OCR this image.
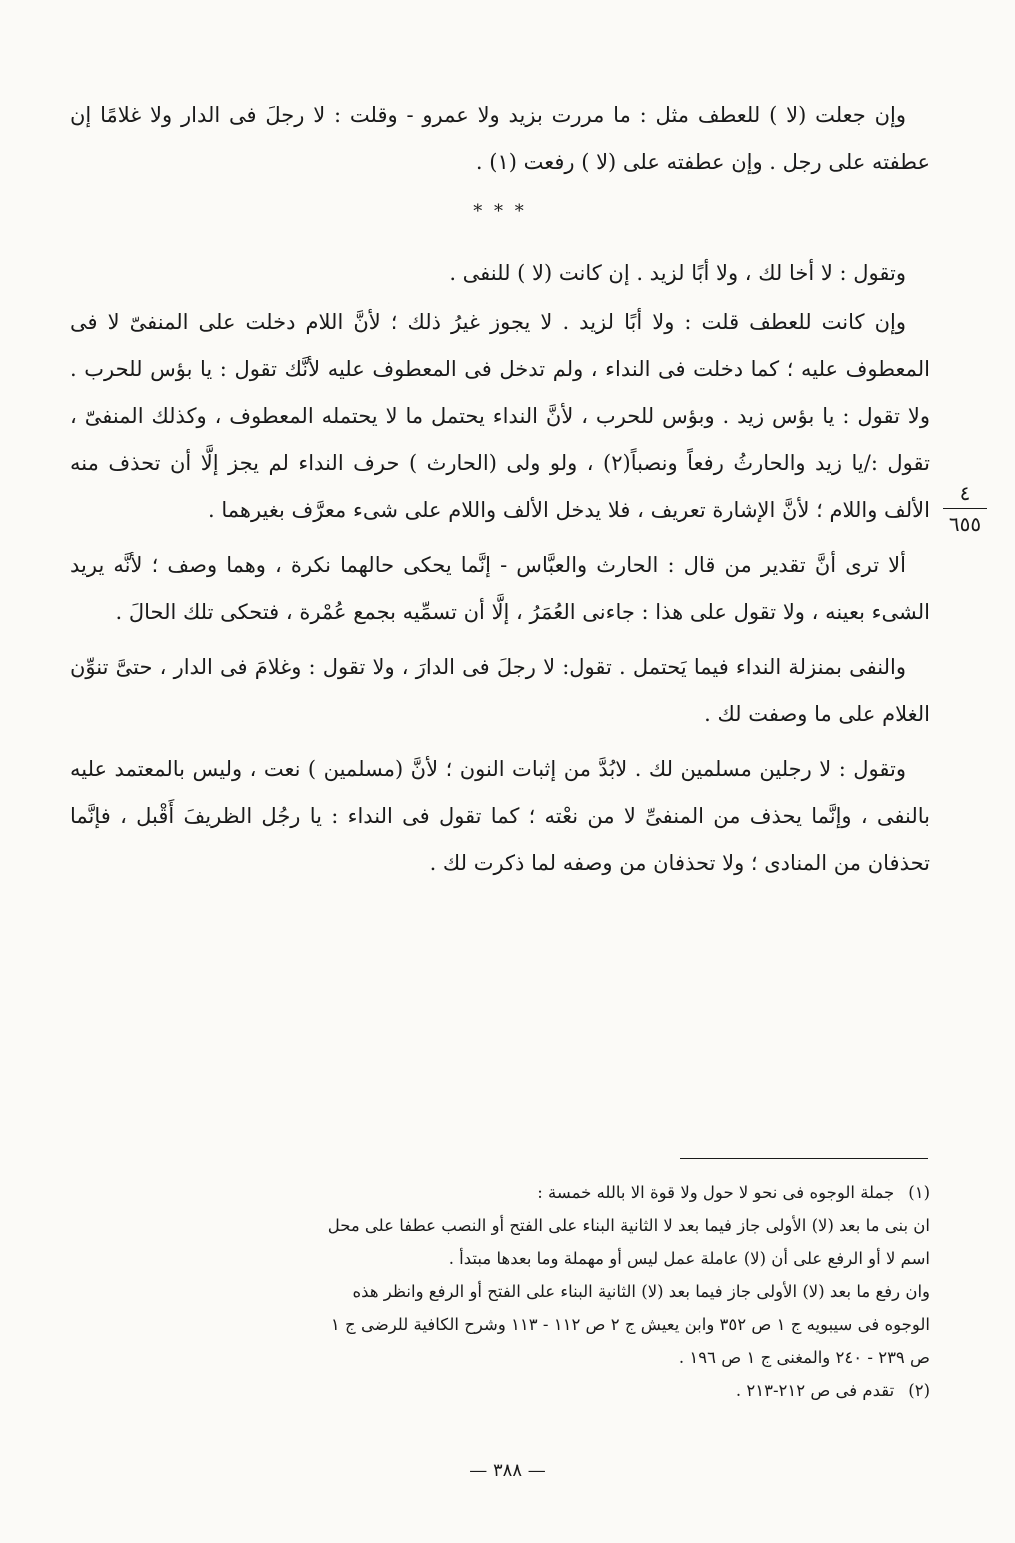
وإن جعلت (لا ) للعطف مثل : ما مررت بزيد ولا عمرو - وقلت : لا رجلَ فى الدار ولا غلامًا إن عطفته على رجل . وإن عطفته على (لا ) رفعت (١) .

* * *

وتقول : لا أخا لك ، ولا أبًا لزيد . إن كانت (لا ) للنفى .

وإن كانت للعطف قلت : ولا أبًا لزيد . لا يجوز غيرُ ذلك ؛ لأنَّ اللام دخلت على المنفىّ لا فى المعطوف عليه ؛ كما دخلت فى النداء ، ولم تدخل فى المعطوف عليه لأنَّك تقول : يا بؤس للحرب . ولا تقول : يا بؤس زيد . وبؤس للحرب ، لأنَّ النداء يحتمل ما لا يحتمله المعطوف ، وكذلك المنفىّ ، تقول :/يا زيد والحارثُ رفعاً ونصباً(٢) ، ولو ولى (الحارث ) حرف النداء لم يجز إلَّا أن تحذف منه الألف واللام ؛ لأنَّ الإشارة تعريف ، فلا يدخل الألف واللام على شىء معرَّف بغيرهما .

ألا ترى أنَّ تقدير من قال : الحارث والعبَّاس - إنَّما يحكى حالهما نكرة ، وهما وصف ؛ لأنَّه يريد الشىء بعينه ، ولا تقول على هذا : جاءنى العُمَرُ ، إلَّا أن تسمِّيه بجمع عُمْرة ، فتحكى تلك الحالَ .

والنفى بمنزلة النداء فيما يَحتمل . تقول: لا رجلَ فى الدارَ ، ولا تقول : وغلامَ فى الدار ، حتىَّ تنوِّن الغلام على ما وصفت لك .

وتقول : لا رجلين مسلمين لك . لابُدَّ من إثبات النون ؛ لأنَّ (مسلمين ) نعت ، وليس بالمعتمد عليه بالنفى ، وإنَّما يحذف من المنفىِّ لا من نعْته ؛ كما تقول فى النداء : يا رجُل الظريفَ أَقْبل ، فإنَّما تحذفان من المنادى ؛ ولا تحذفان من وصفه لما ذكرت لك .

٤
٦٥٥

(١)جملة الوجوه فى نحو لا حول ولا قوة الا بالله خمسة :

ان بنى ما بعد (لا) الأولى جاز فيما بعد لا الثانية البناء على الفتح أو النصب عطفا على محل

اسم لا أو الرفع على أن (لا) عاملة عمل ليس أو مهملة وما بعدها مبتدأ .

وان رفع ما بعد (لا) الأولى جاز فيما بعد (لا) الثانية البناء على الفتح أو الرفع وانظر هذه

الوجوه فى سيبويه ج ١ ص ٣٥٢ وابن يعيش ج ٢ ص ١١٢ - ١١٣ وشرح الكافية للرضى ج ١

ص ٢٣٩ - ٢٤٠ والمغنى ج ١ ص ١٩٦ .

(٢)تقدم فى ص ٢١٢-٢١٣ .

— ٣٨٨ —
